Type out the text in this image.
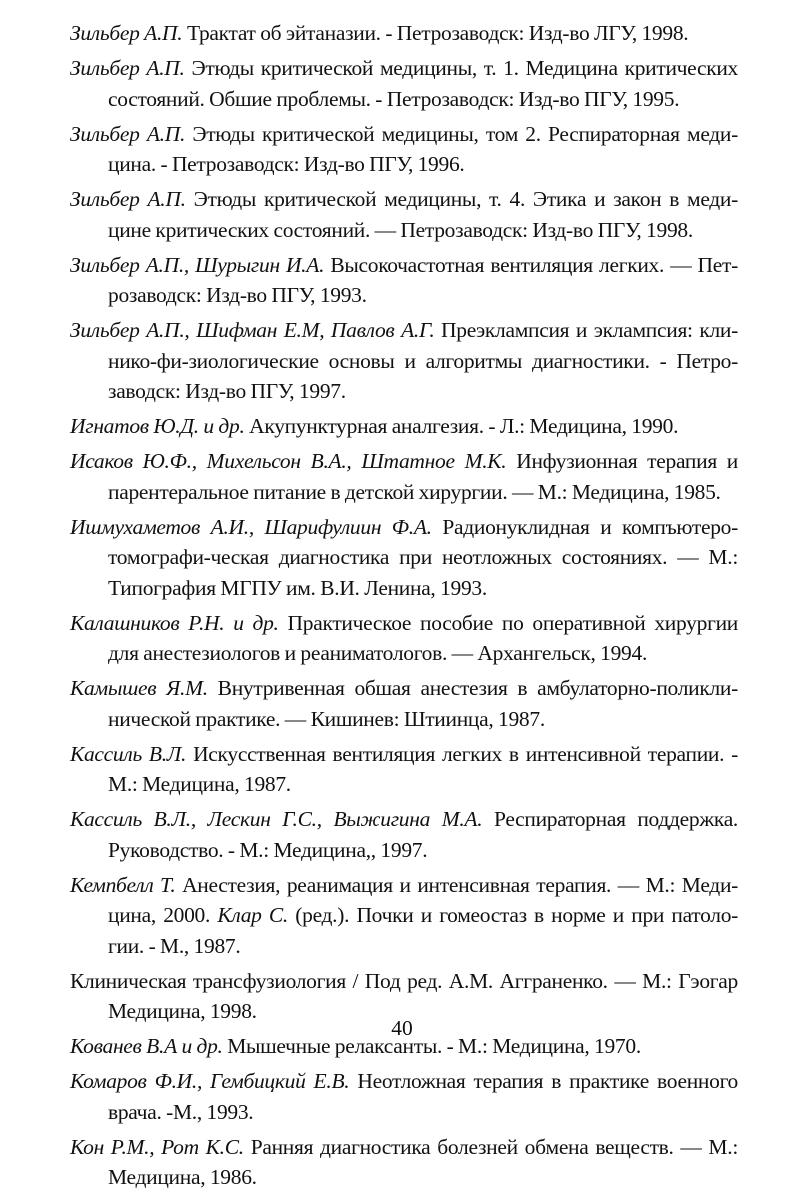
Зильбер А.П. Трактат об эйтаназии. - Петрозаводск: Изд-во ЛГУ, 1998.

Зильбер А.П. Этюды критической медицины, т. 1. Медицина критических состояний. Обшие проблемы. - Петрозаводск: Изд-во ПГУ, 1995.

Зильбер А.П. Этюды критической медицины, том 2. Респираторная меди-цина. - Петрозаводск: Изд-во ПГУ, 1996.

Зильбер А.П. Этюды критической медицины, т. 4. Этика и закон в меди-цине критических состояний. — Петрозаводск: Изд-во ПГУ, 1998.

Зильбер А.П., Шурыгин И.А. Высокочастотная вентиляция легких. — Пет-розаводск: Изд-во ПГУ, 1993.

Зильбер А.П., Шифман Е.М, Павлов А.Г. Преэклампсия и эклампсия: кли-нико-фи-зиологические основы и алгоритмы диагностики. - Петро-заводск: Изд-во ПГУ, 1997.

Игнатов Ю.Д. и др. Акупунктурная аналгезия. - Л.: Медицина, 1990.

Исаков Ю.Ф., Михельсон В.А., Штатное М.К. Инфузионная терапия и парентеральное питание в детской хирургии. — М.: Медицина, 1985.

Ишмухаметов А.И., Шарифулиин Ф.А. Радионуклидная и компъютеро-томографи-ческая диагностика при неотложных состояниях. — М.: Типография МГПУ им. В.И. Ленина, 1993.

Калашников Р.Н. и др. Практическое пособие по оперативной хирургии для анестезиологов и реаниматологов. — Архангельск, 1994.

Камышев Я.М. Внутривенная обшая анестезия в амбулаторно-поликли-нической практике. — Кишинев: Штиинца, 1987.

Кассиль В.Л. Искусственная вентиляция легких в интенсивной терапии. - М.: Медицина, 1987.

Кассиль В.Л., Лескин Г.С., Выжигина М.А. Респираторная поддержка. Руководство. - М.: Медицина,, 1997.

Кемпбелл Т. Анестезия, реанимация и интенсивная терапия. — М.: Меди-цина, 2000. Клар С. (ред.). Почки и гомеостаз в норме и при патоло-гии. - М., 1987.

Клиническая трансфузиология / Под ред. А.М. Агграненко. — М.: Гэогар Медицина, 1998.

Кованев В.А и др. Мышечные релаксанты. - М.: Медицина, 1970.

Комаров Ф.И., Гембицкий Е.В. Неотложная терапия в практике военного врача. -М., 1993.

Кон Р.М., Рот К.С. Ранняя диагностика болезней обмена веществ. — М.: Медицина, 1986.

40
